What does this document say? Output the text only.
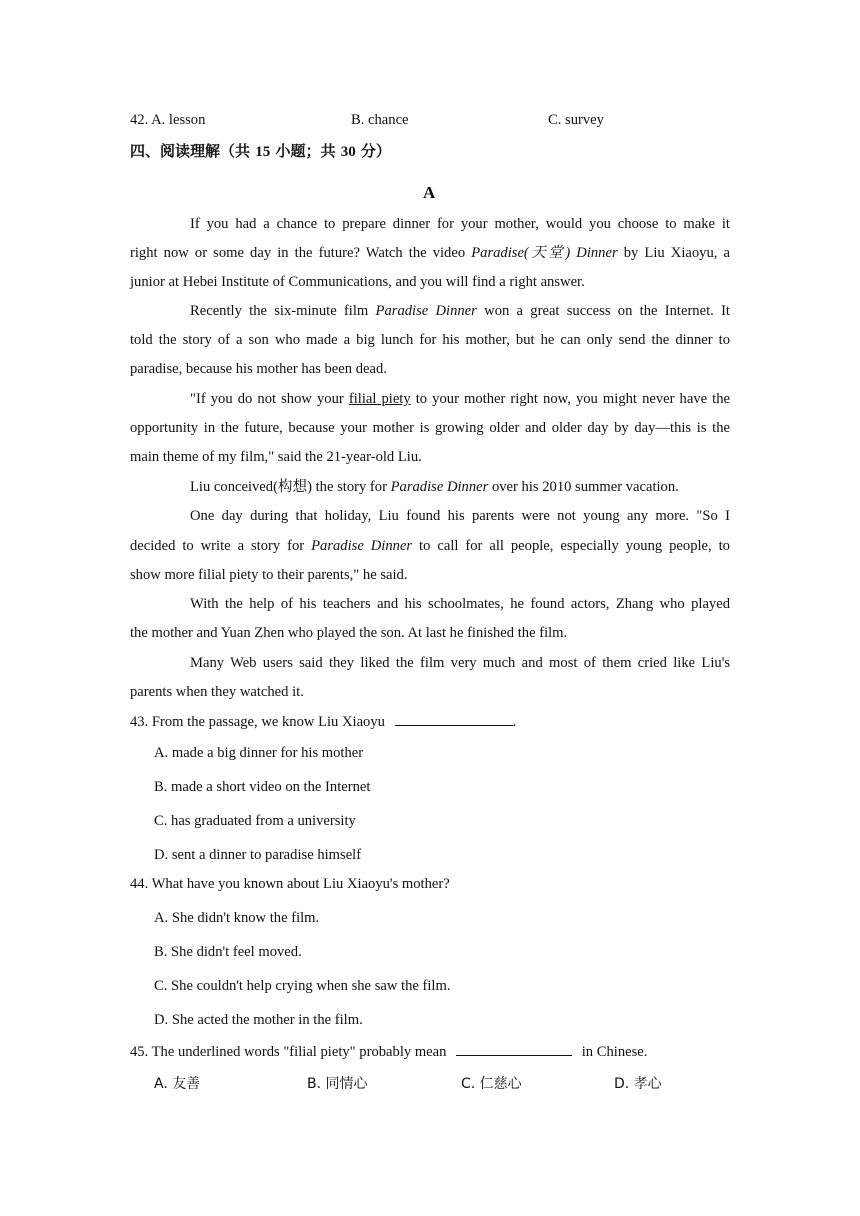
42. A. lesson	B. chance	C. survey
四、阅读理解（共 15 小题；共 30 分）
A
If you had a chance to prepare dinner for your mother, would you choose to make it
right now or some day in the future? Watch the video Paradise(天堂) Dinner by Liu Xiaoyu, a
junior at Hebei Institute of Communications, and you will find a right answer.
Recently the six-minute film Paradise Dinner won a great success on the Internet. It
told the story of a son who made a big lunch for his mother, but he can only send the dinner to
paradise, because his mother has been dead.
"If you do not show your filial piety to your mother right now, you might never have the
opportunity in the future, because your mother is growing older and older day by day—this is the
main theme of my film," said the 21-year-old Liu.
Liu conceived(构想) the story for Paradise Dinner over his 2010 summer vacation.
One day during that holiday, Liu found his parents were not young any more. "So I
decided to write a story for Paradise Dinner to call for all people, especially young people, to
show more filial piety to their parents," he said.
With the help of his teachers and his schoolmates, he found actors, Zhang who played
the mother and Yuan Zhen who played the son. At last he finished the film.
Many Web users said they liked the film very much and most of them cried like Liu's
parents when they watched it.
43. From the passage, we know Liu Xiaoyu	.
A. made a big dinner for his mother
B. made a short video on the Internet
C. has graduated from a university
D. sent a dinner to paradise himself
44. What have you known about Liu Xiaoyu's mother?
A. She didn't know the film.
B. She didn't feel moved.
C. She couldn't help crying when she saw the film.
D. She acted the mother in the film.
45. The underlined words "filial piety" probably mean	in Chinese.
A. 友善	B. 同情心	C. 仁慈心	D. 孝心
